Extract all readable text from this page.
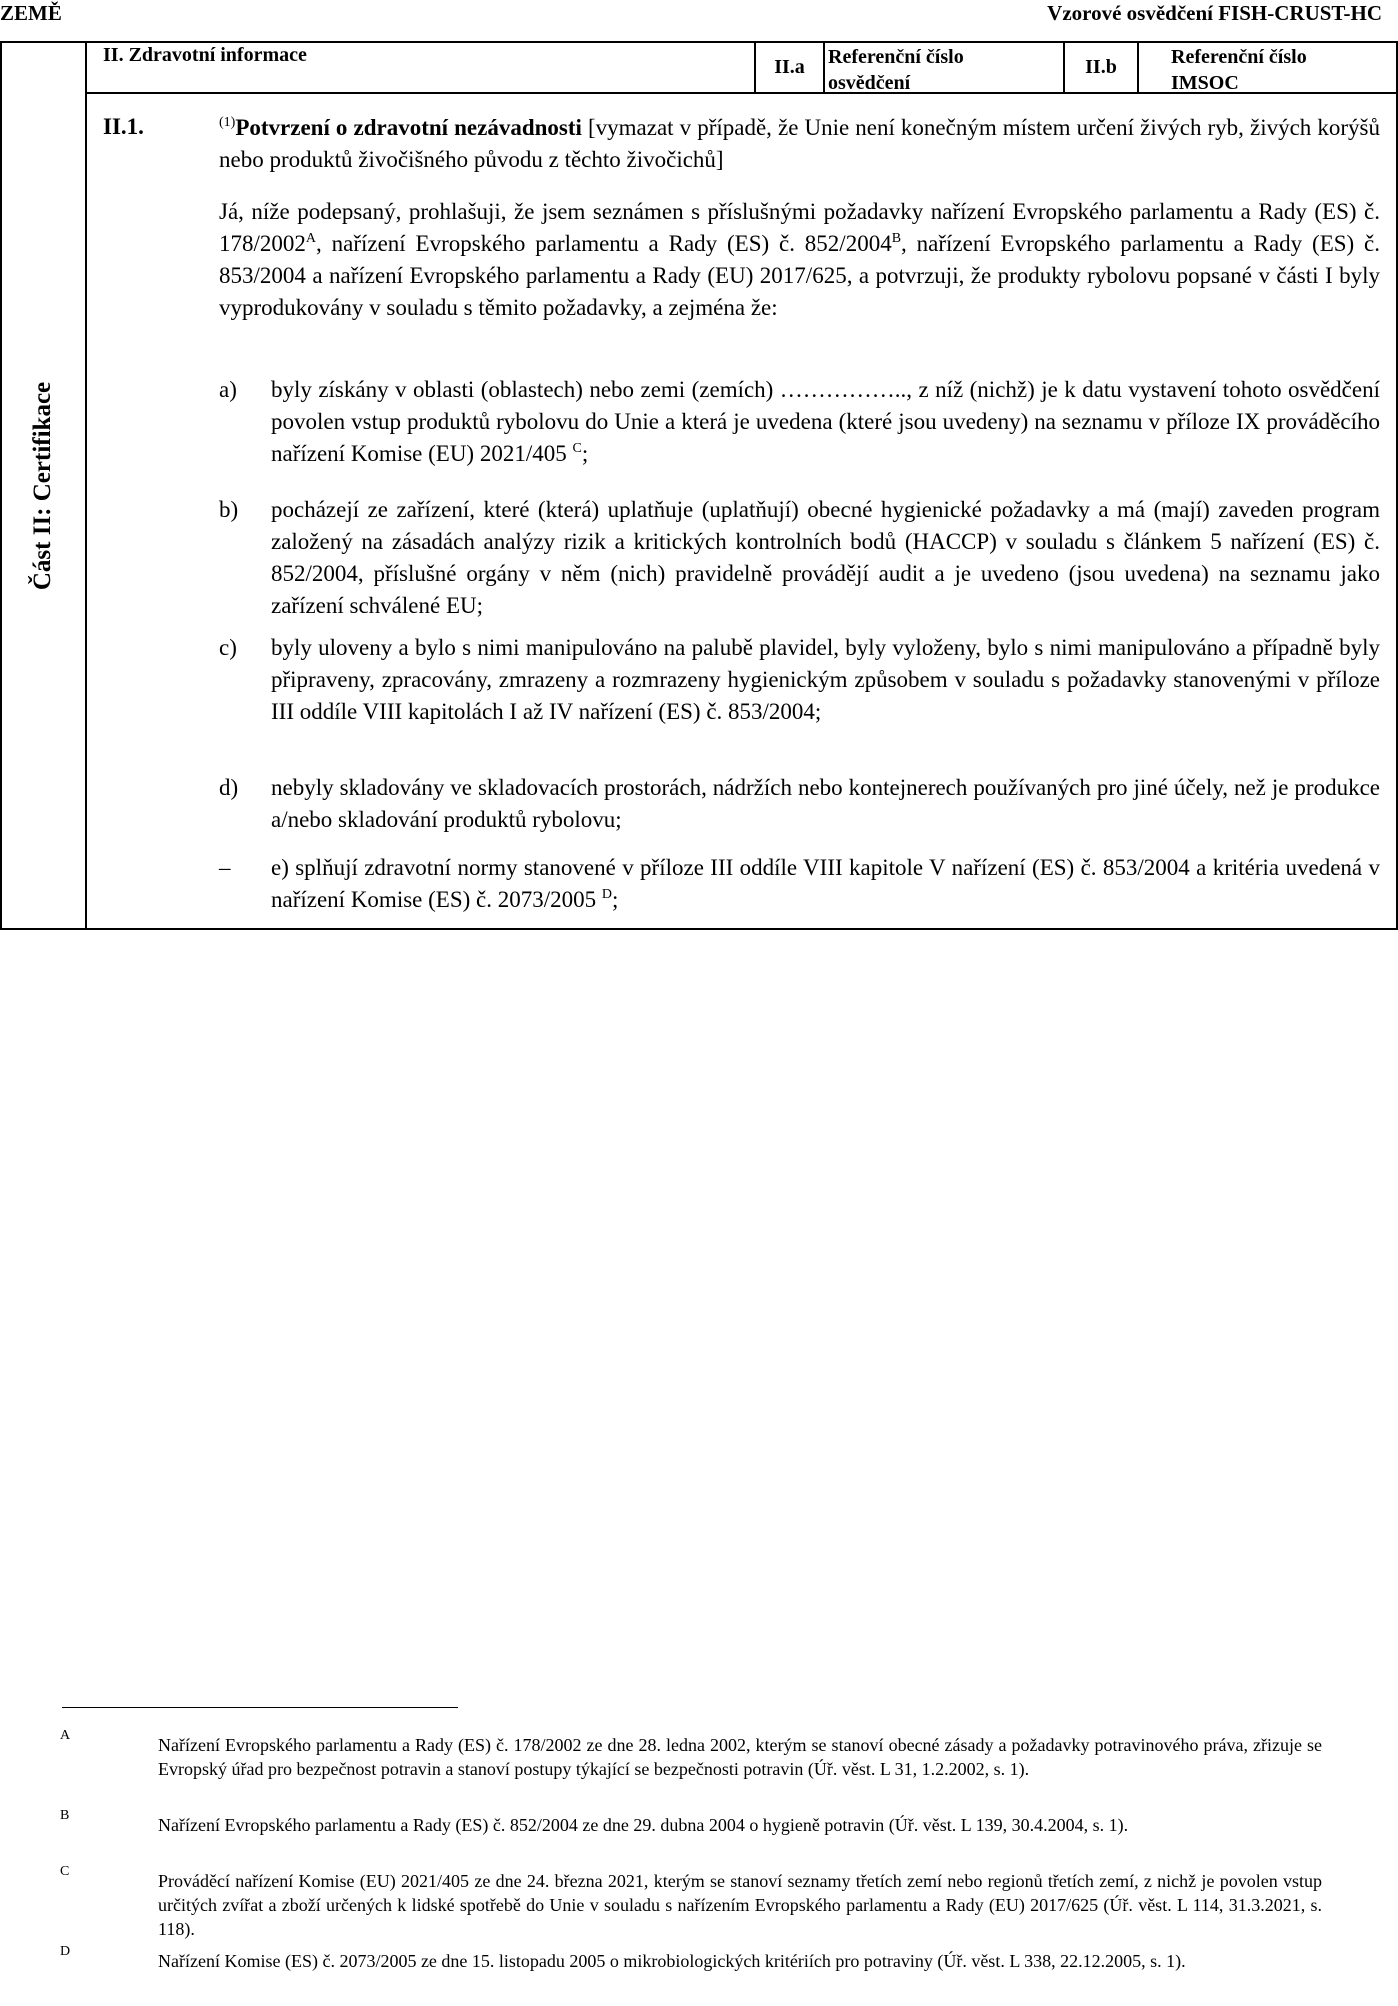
ZEMĚ	Vzorové osvědčení FISH-CRUST-HC
Část II: Certifikace
II. Zdravotní informace
II.a	Referenční číslo
osvědčení
II.b	Referenční číslo
IMSOC
II.1.	$^{(1)}$Potvrzení o zdravotní nezávadnosti [vymazat v případě, že Unie není konečným místem určení živých ryb, živých korýšů nebo produktů živočišného původu z těchto živočichů]
Já, níže podepsaný, prohlašuji, že jsem seznámen s příslušnými požadavky nařízení Evropského parlamentu a Rady (ES) č. $178/2002^A$, nařízení Evropského parlamentu a Rady (ES) č. $852/2004^B$, nařízení Evropského parlamentu a Rady (ES) č. 853/2004 a nařízení Evropského parlamentu a Rady (EU) 2017/625, a potvrzuji, že produkty rybolovu popsané v části I byly vyprodukovány v souladu s těmito požadavky, a zejména že:
a) byly získány v oblasti (oblastech) nebo zemi (zemích) …………….., z níž (nichž) je k datu vystavení tohoto osvědčení povolen vstup produktů rybolovu do Unie a která je uvedena (které jsou uvedeny) na seznamu v příloze IX prováděcího nařízení Komise (EU) 2021/405 $^C$;
b) pocházejí ze zařízení, které (která) uplatňuje (uplatňují) obecné hygienické požadavky a má (mají) zaveden program založený na zásadách analýzy rizik a kritických kontrolních bodů (HACCP) v souladu s článkem 5 nařízení (ES) č. 852/2004, příslušné orgány v něm (nich) pravidelně provádějí audit a je uvedeno (jsou uvedena) na seznamu jako zařízení schválené EU;
c) byly uloveny a bylo s nimi manipulováno na palubě plavidel, byly vyloženy, bylo s nimi manipulováno a případně byly připraveny, zpracovány, zmrazeny a rozmrazeny hygienickým způsobem v souladu s požadavky stanovenými v příloze III oddíle VIII kapitolách I až IV nařízení (ES) č. 853/2004;
d) nebyly skladovány ve skladovacích prostorách, nádržích nebo kontejnerech používaných pro jiné účely, než je produkce a/nebo skladování produktů rybolovu;
– e) splňují zdravotní normy stanovené v příloze III oddíle VIII kapitole V nařízení (ES) č. 853/2004 a kritéria uvedená v nařízení Komise (ES) č. 2073/2005 $^D$;
A	Nařízení Evropského parlamentu a Rady (ES) č. 178/2002 ze dne 28. ledna 2002, kterým se stanoví obecné zásady a požadavky potravinového práva, zřizuje se Evropský úřad pro bezpečnost potravin a stanoví postupy týkající se bezpečnosti potravin (Úř. věst. L 31, 1.2.2002, s. 1).
B	Nařízení Evropského parlamentu a Rady (ES) č. 852/2004 ze dne 29. dubna 2004 o hygieně potravin (Úř. věst. L 139, 30.4.2004, s. 1).
C	Prováděcí nařízení Komise (EU) 2021/405 ze dne 24. března 2021, kterým se stanoví seznamy třetích zemí nebo regionů třetích zemí, z nichž je povolen vstup určitých zvířat a zboží určených k lidské spotřebě do Unie v souladu s nařízením Evropského parlamentu a Rady (EU) 2017/625 (Úř. věst. L 114, 31.3.2021, s. 118).
D	Nařízení Komise (ES) č. 2073/2005 ze dne 15. listopadu 2005 o mikrobiologických kritériích pro potraviny (Úř. věst. L 338, 22.12.2005, s. 1).
